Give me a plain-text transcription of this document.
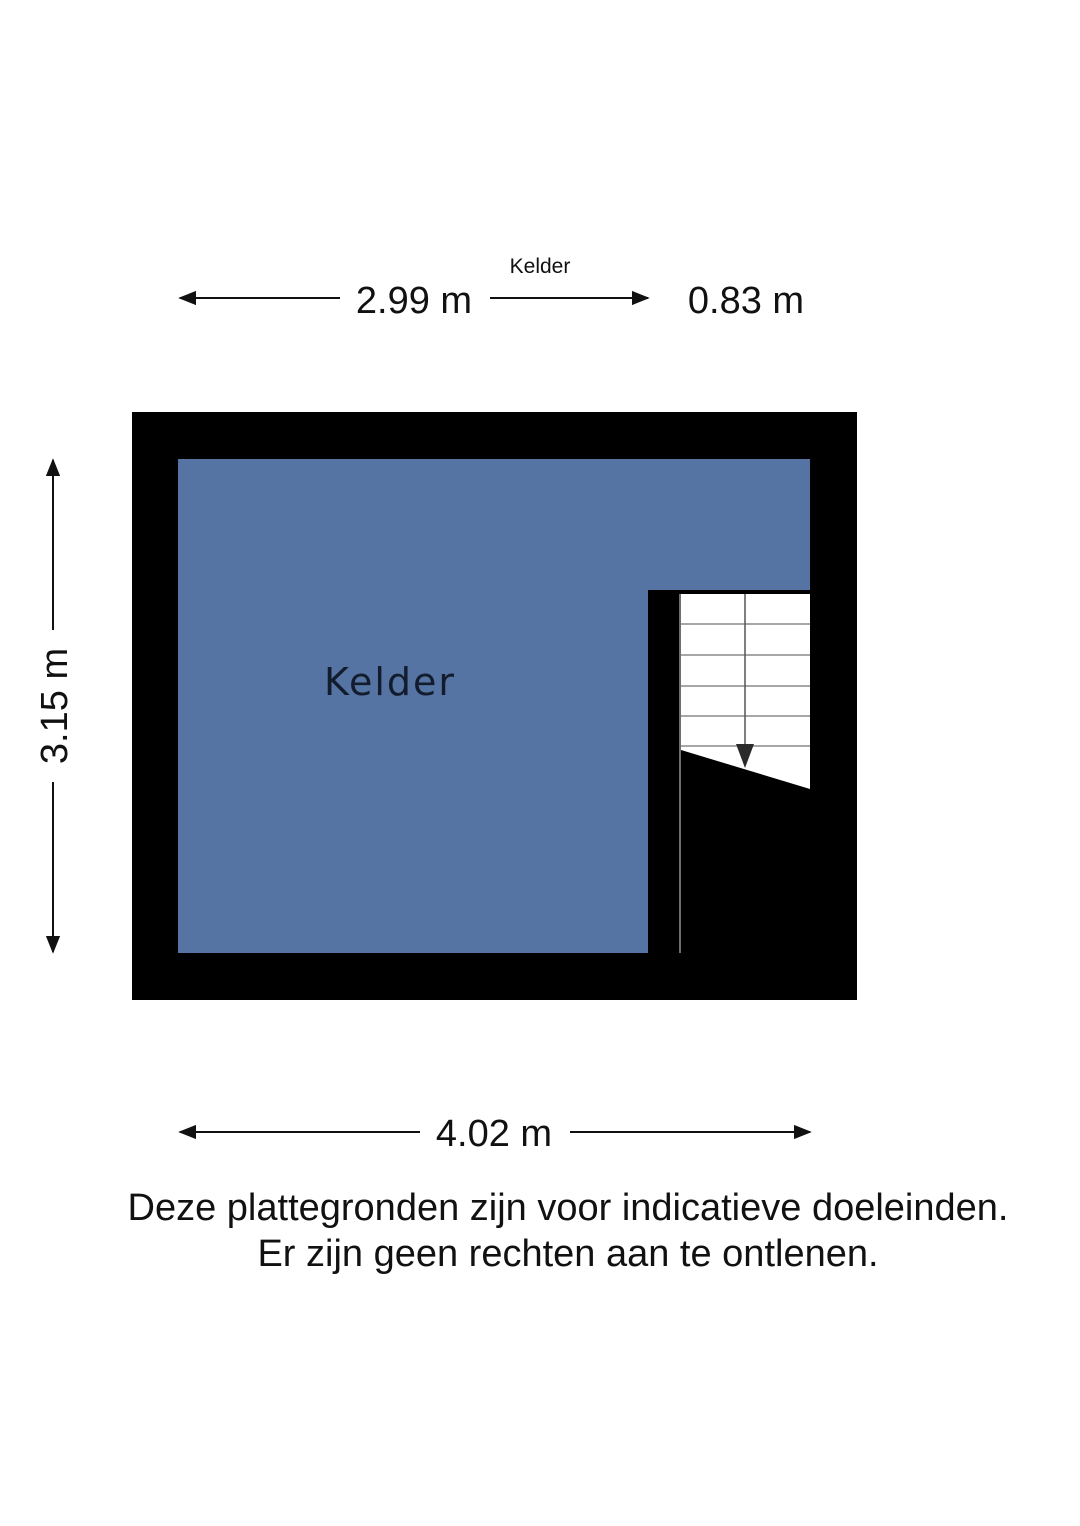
Kelder
2.99 m	0.83 m
3.15 m	Kelder
4.02 m
Deze plattegronden zijn voor indicatieve doeleinden.
Er zijn geen rechten aan te ontlenen.
